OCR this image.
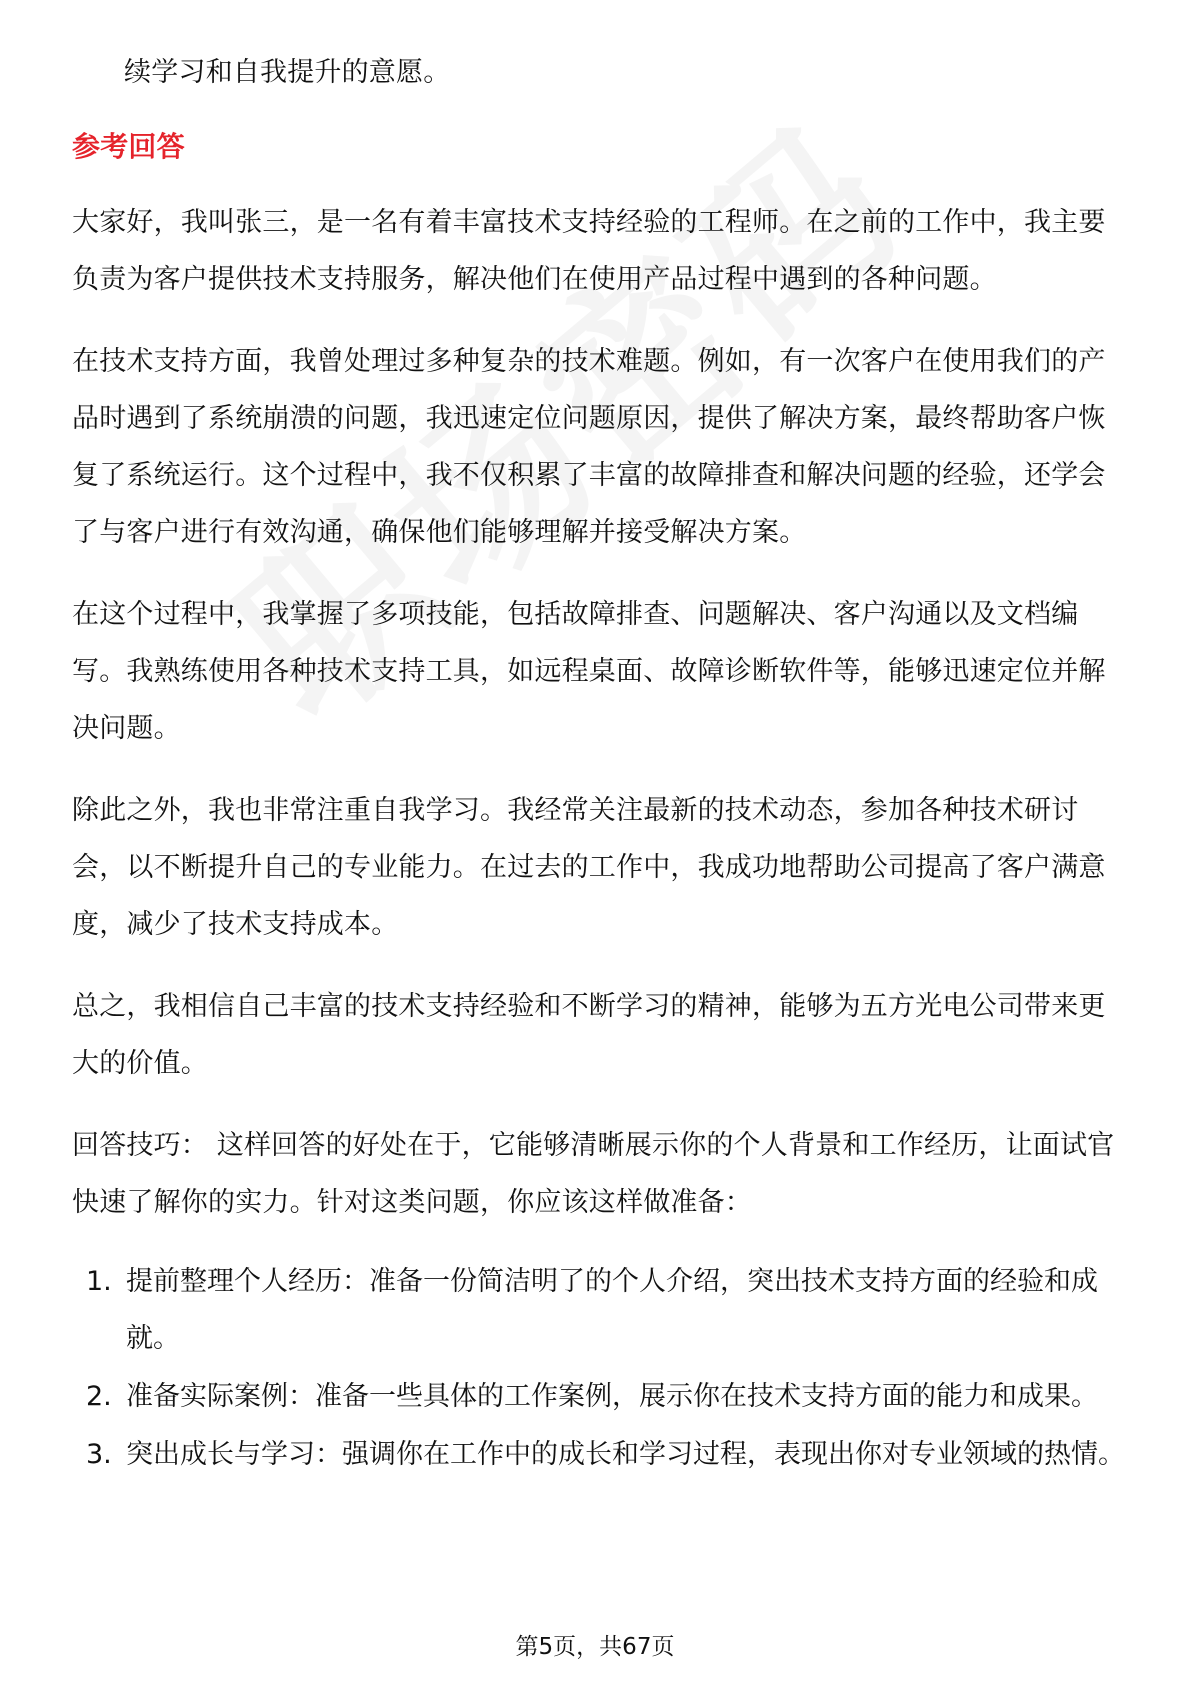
续学习和自我提升的意愿。

参考回答

大家好，我叫张三，是一名有着丰富技术支持经验的工程师。在之前的工作中，我主要负责为客户提供技术支持服务，解决他们在使用产品过程中遇到的各种问题。

在技术支持方面，我曾处理过多种复杂的技术难题。例如，有一次客户在使用我们的产品时遇到了系统崩溃的问题，我迅速定位问题原因，提供了解决方案，最终帮助客户恢复了系统运行。这个过程中，我不仅积累了丰富的故障排查和解决问题的经验，还学会了与客户进行有效沟通，确保他们能够理解并接受解决方案。

在这个过程中，我掌握了多项技能，包括故障排查、问题解决、客户沟通以及文档编写。我熟练使用各种技术支持工具，如远程桌面、故障诊断软件等，能够迅速定位并解决问题。

除此之外，我也非常注重自我学习。我经常关注最新的技术动态，参加各种技术研讨会，以不断提升自己的专业能力。在过去的工作中，我成功地帮助公司提高了客户满意度，减少了技术支持成本。

总之，我相信自己丰富的技术支持经验和不断学习的精神，能够为五方光电公司带来更大的价值。

回答技巧： 这样回答的好处在于，它能够清晰展示你的个人背景和工作经历，让面试官快速了解你的实力。针对这类问题，你应该这样做准备：

1. 提前整理个人经历：准备一份简洁明了的个人介绍，突出技术支持方面的经验和成就。
2. 准备实际案例：准备一些具体的工作案例，展示你在技术支持方面的能力和成果。
3. 突出成长与学习：强调你在工作中的成长和学习过程，表现出你对专业领域的热情。
第5页，共67页
